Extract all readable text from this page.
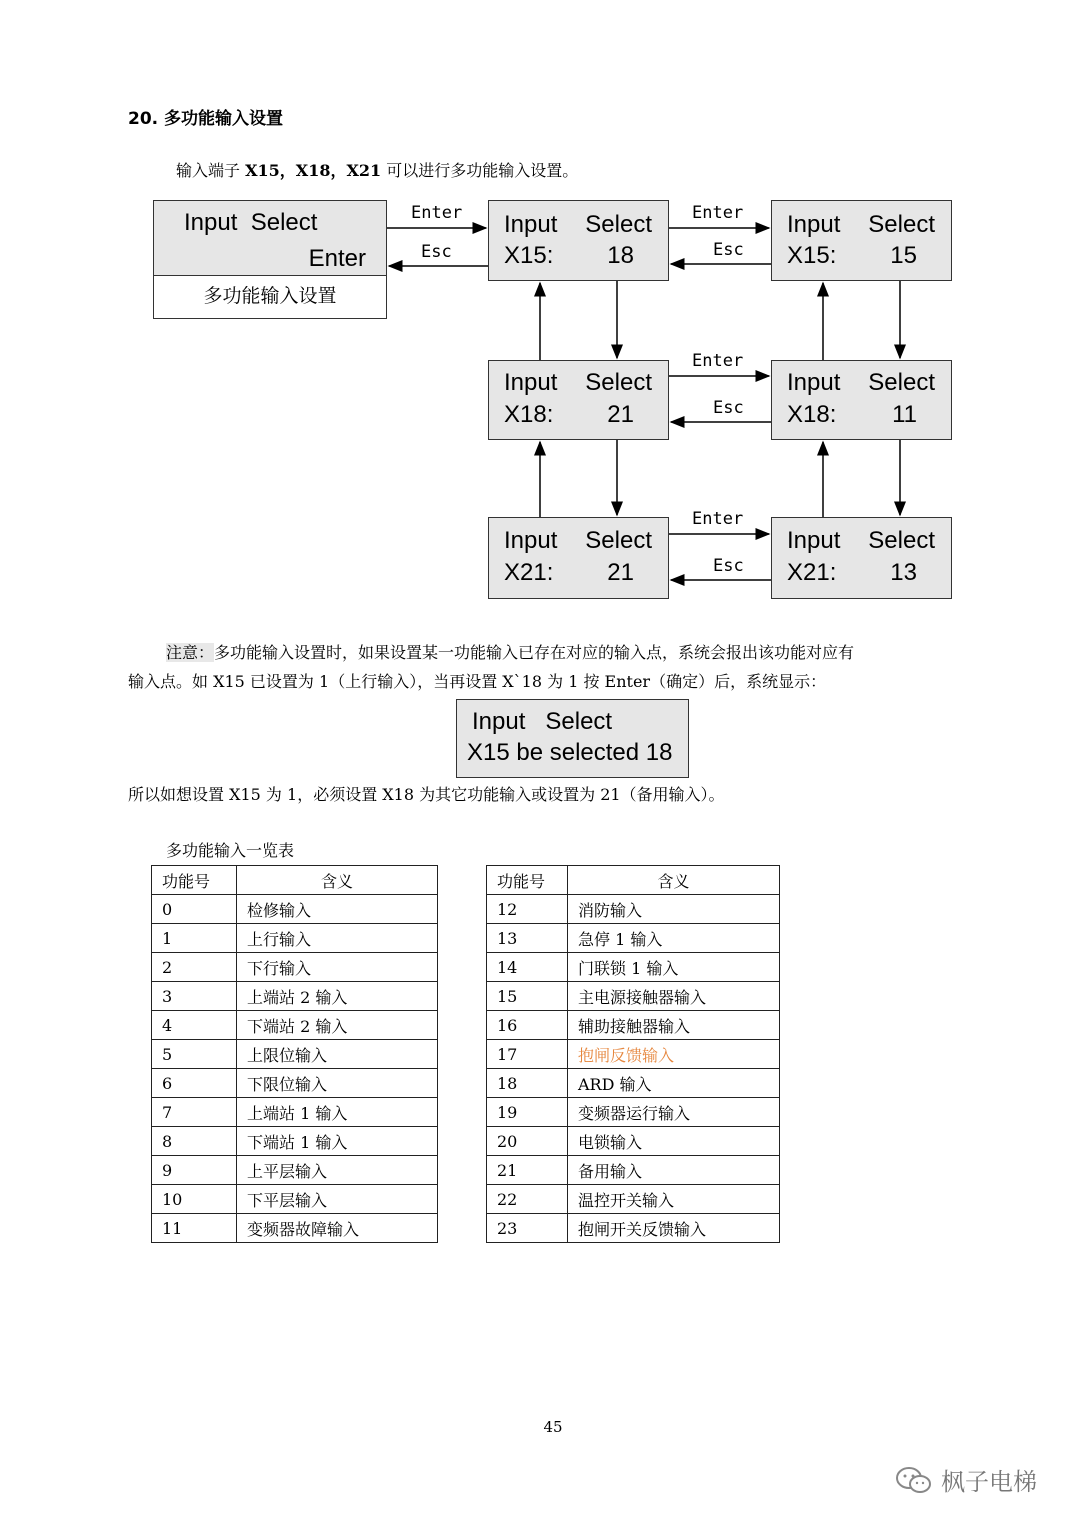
20. 多功能输入设置
输入端子 X15，X18，X21 可以进行多功能输入设置。
Input  Select
Enter
多功能输入设置
Input Select
X15: 18
Input Select
X15: 15
Input Select
X18: 21
Input Select
X18: 11
Input Select
X21: 21
Input Select
X21: 13
Enter
Esc
Enter
Esc
Enter
Esc
Enter
Esc
注意：多功能输入设置时，如果设置某一功能输入已存在对应的输入点，系统会报出该功能对应有
输入点。如 X15 已设置为 1（上行输入），当再设置 X`18 为 1 按 Enter（确定）后，系统显示：
Input   Select
X15 be selected 18
所以如想设置 X15 为 1，必须设置 X18 为其它功能输入或设置为 21（备用输入）。
多功能输入一览表
功能号	含义
0	检修输入
1	上行输入
2	下行输入
3	上端站 2 输入
4	下端站 2 输入
5	上限位输入
6	下限位输入
7	上端站 1 输入
8	下端站 1 输入
9	上平层输入
10	下平层输入
11	变频器故障输入
功能号	含义
12	消防输入
13	急停 1 输入
14	门联锁 1 输入
15	主电源接触器输入
16	辅助接触器输入
17	抱闸反馈输入
18	ARD 输入
19	变频器运行输入
20	电锁输入
21	备用输入
22	温控开关输入
23	抱闸开关反馈输入
45
枫子电梯
